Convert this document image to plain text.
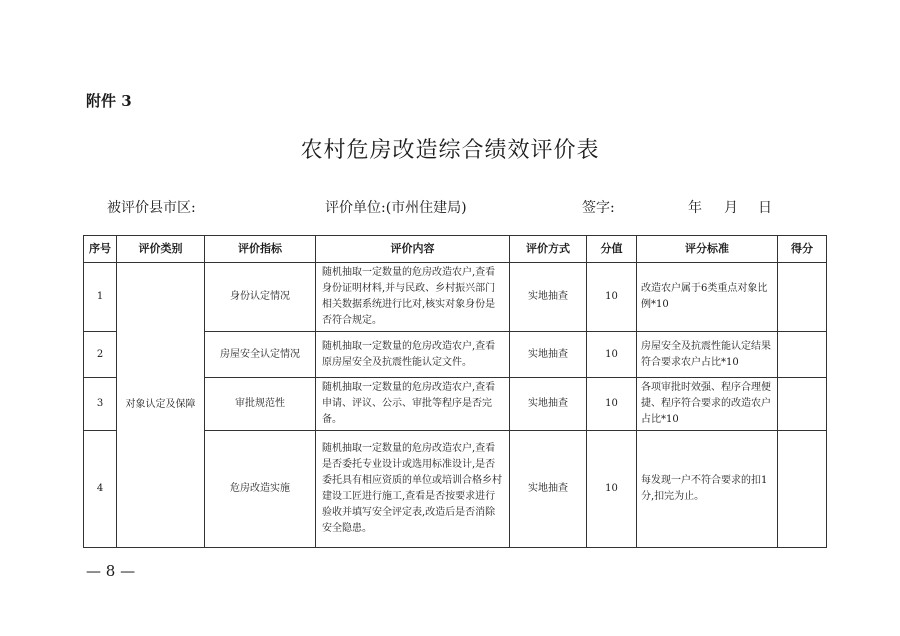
附件 3
农村危房改造综合绩效评价表
被评价县市区:	评价单位:(市州住建局)	签字:	年 月 日
序号	评价类别	评价指标	评价内容	评价方式	分值	评分标准	得分
1	对象认定及保障	身份认定情况	随机抽取一定数量的危房改造农户,查看身份证明材料,并与民政、乡村振兴部门相关数据系统进行比对,核实对象身份是否符合规定。	实地抽查	10	改造农户属于6类重点对象比例*10	
2		房屋安全认定情况	随机抽取一定数量的危房改造农户,查看原房屋安全及抗震性能认定文件。	实地抽查	10	房屋安全及抗震性能认定结果符合要求农户占比*10	
3		审批规范性	随机抽取一定数量的危房改造农户,查看申请、评议、公示、审批等程序是否完备。	实地抽查	10	各项审批时效强、程序合理便捷、程序符合要求的改造农户占比*10	
4		危房改造实施	随机抽取一定数量的危房改造农户,查看是否委托专业设计或选用标准设计,是否委托具有相应资质的单位或培训合格乡村建设工匠进行施工,查看是否按要求进行验收并填写安全评定表,改造后是否消除安全隐患。	实地抽查	10	每发现一户不符合要求的扣1分,扣完为止。	
— 8 —
